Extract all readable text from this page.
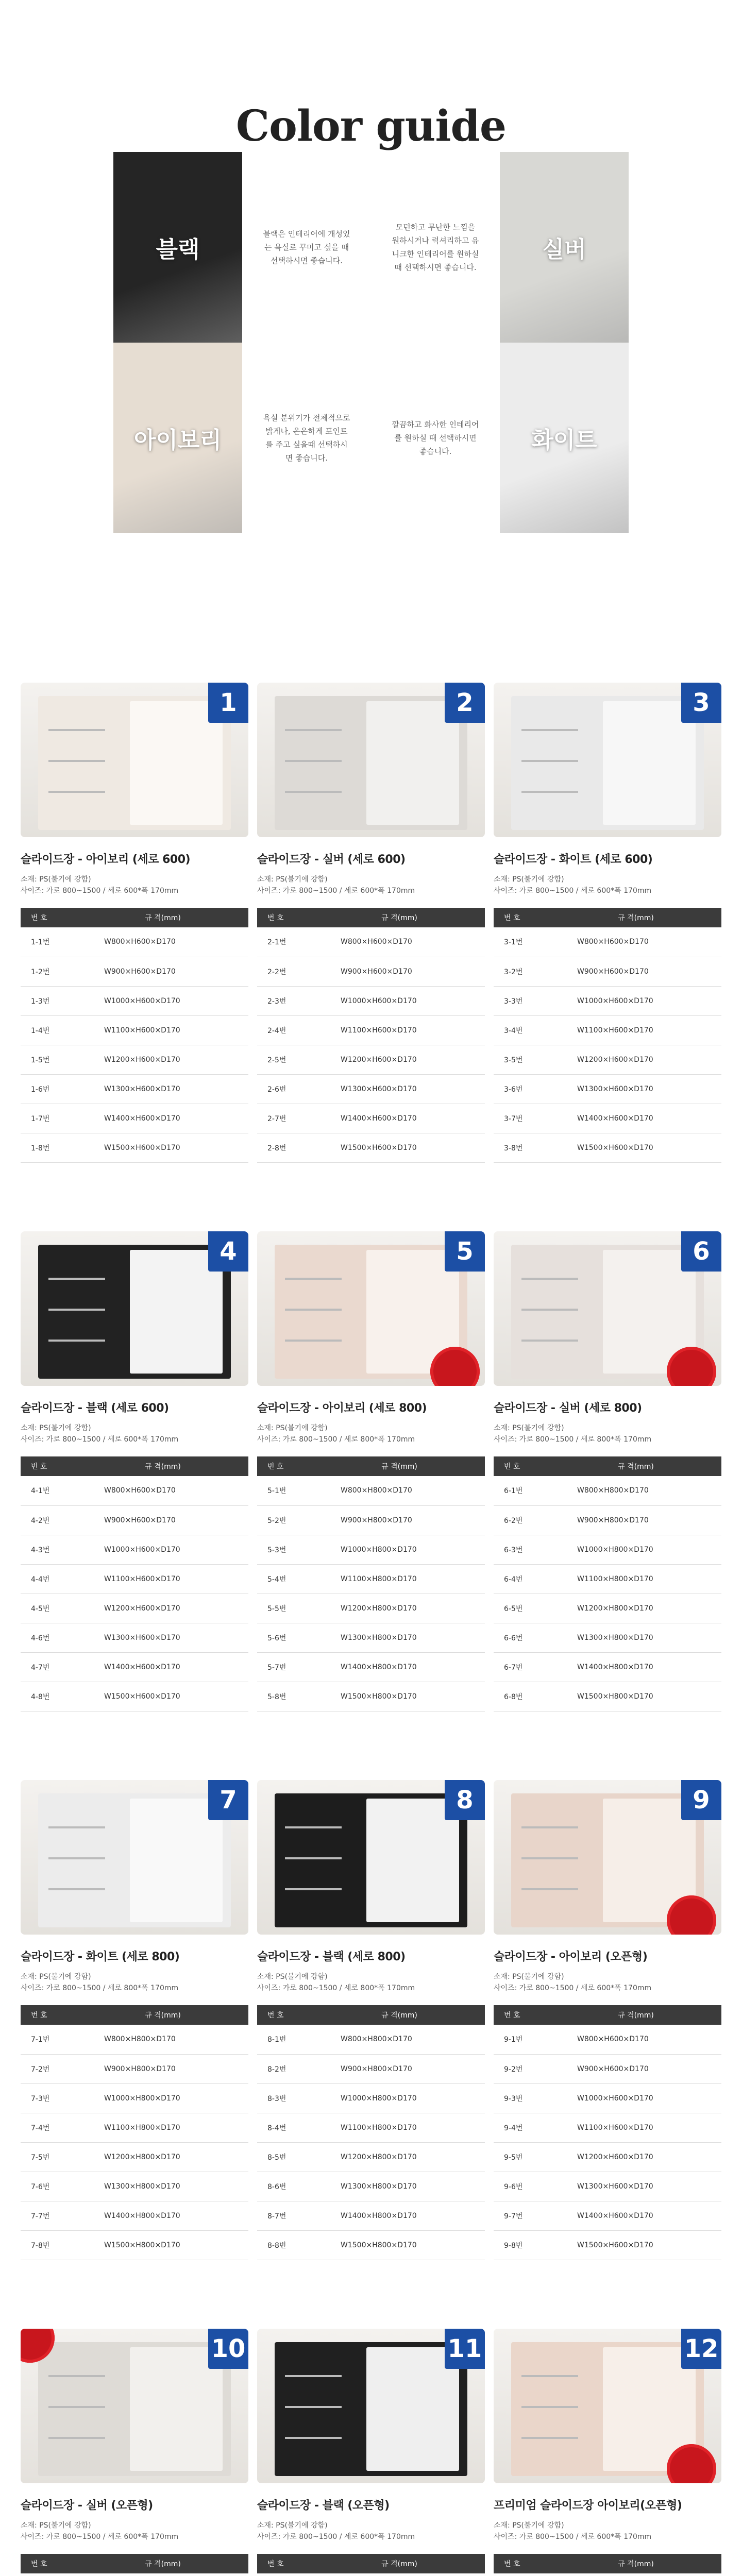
Color guide
블랙

블랙은 인테리어에 개성있는 욕실로 꾸미고 싶을 때 선택하시면 좋습니다.

모던하고 무난한 느낌을 원하시거나 럭셔리하고 유니크한 인테리어를 원하실 때 선택하시면 좋습니다.

실버
아이보리

욕실 분위기가 전체적으로 밝게나, 은은하게 포인트를 주고 싶을때 선택하시면 좋습니다.

깔끔하고 화사한 인테리어를 원하실 때 선택하시면 좋습니다.	화이트
1
슬라이드장 - 아이보리 (세로 600)
소재: PS(불기에 강함)
사이즈: 가로 800~1500 / 세로 600*폭 170mm
번 호	규 격(mm)
1-1번	W800×H600×D170
1-2번	W900×H600×D170
1-3번	W1000×H600×D170
1-4번	W1100×H600×D170
1-5번	W1200×H600×D170
1-6번	W1300×H600×D170
1-7번	W1400×H600×D170
1-8번	W1500×H600×D170
2
슬라이드장 - 실버 (세로 600)
소재: PS(불기에 강함)
사이즈: 가로 800~1500 / 세로 600*폭 170mm
번 호	규 격(mm)
2-1번	W800×H600×D170
2-2번	W900×H600×D170
2-3번	W1000×H600×D170
2-4번	W1100×H600×D170
2-5번	W1200×H600×D170
2-6번	W1300×H600×D170
2-7번	W1400×H600×D170
2-8번	W1500×H600×D170
3
슬라이드장 - 화이트 (세로 600)
소재: PS(불기에 강함)
사이즈: 가로 800~1500 / 세로 600*폭 170mm
번 호	규 격(mm)
3-1번	W800×H600×D170
3-2번	W900×H600×D170
3-3번	W1000×H600×D170
3-4번	W1100×H600×D170
3-5번	W1200×H600×D170
3-6번	W1300×H600×D170
3-7번	W1400×H600×D170
3-8번	W1500×H600×D170
4
슬라이드장 - 블랙 (세로 600)
소재: PS(불기에 강함)
사이즈: 가로 800~1500 / 세로 600*폭 170mm
번 호	규 격(mm)
4-1번	W800×H600×D170
4-2번	W900×H600×D170
4-3번	W1000×H600×D170
4-4번	W1100×H600×D170
4-5번	W1200×H600×D170
4-6번	W1300×H600×D170
4-7번	W1400×H600×D170
4-8번	W1500×H600×D170
5
슬라이드장 - 아이보리 (세로 800)
소재: PS(불기에 강함)
사이즈: 가로 800~1500 / 세로 800*폭 170mm
번 호	규 격(mm)
5-1번	W800×H800×D170
5-2번	W900×H800×D170
5-3번	W1000×H800×D170
5-4번	W1100×H800×D170
5-5번	W1200×H800×D170
5-6번	W1300×H800×D170
5-7번	W1400×H800×D170
5-8번	W1500×H800×D170
6
슬라이드장 - 실버 (세로 800)
소재: PS(불기에 강함)
사이즈: 가로 800~1500 / 세로 800*폭 170mm
번 호	규 격(mm)
6-1번	W800×H800×D170
6-2번	W900×H800×D170
6-3번	W1000×H800×D170
6-4번	W1100×H800×D170
6-5번	W1200×H800×D170
6-6번	W1300×H800×D170
6-7번	W1400×H800×D170
6-8번	W1500×H800×D170
7
슬라이드장 - 화이트 (세로 800)
소재: PS(불기에 강함)
사이즈: 가로 800~1500 / 세로 800*폭 170mm
번 호	규 격(mm)
7-1번	W800×H800×D170
7-2번	W900×H800×D170
7-3번	W1000×H800×D170
7-4번	W1100×H800×D170
7-5번	W1200×H800×D170
7-6번	W1300×H800×D170
7-7번	W1400×H800×D170
7-8번	W1500×H800×D170
8
슬라이드장 - 블랙 (세로 800)
소재: PS(불기에 강함)
사이즈: 가로 800~1500 / 세로 800*폭 170mm
번 호	규 격(mm)
8-1번	W800×H800×D170
8-2번	W900×H800×D170
8-3번	W1000×H800×D170
8-4번	W1100×H800×D170
8-5번	W1200×H800×D170
8-6번	W1300×H800×D170
8-7번	W1400×H800×D170
8-8번	W1500×H800×D170
9
슬라이드장 - 아이보리 (오픈형)
소재: PS(불기에 강함)
사이즈: 가로 800~1500 / 세로 600*폭 170mm
번 호	규 격(mm)
9-1번	W800×H600×D170
9-2번	W900×H600×D170
9-3번	W1000×H600×D170
9-4번	W1100×H600×D170
9-5번	W1200×H600×D170
9-6번	W1300×H600×D170
9-7번	W1400×H600×D170
9-8번	W1500×H600×D170
10
슬라이드장 - 실버 (오픈형)
소재: PS(불기에 강함)
사이즈: 가로 800~1500 / 세로 600*폭 170mm
번 호	규 격(mm)

11
슬라이드장 - 블랙 (오픈형)
소재: PS(불기에 강함)
사이즈: 가로 800~1500 / 세로 600*폭 170mm
번 호	규 격(mm)

12
프리미엄 슬라이드장 아이보리(오픈형)
소재: PS(불기에 강함)
사이즈: 가로 800~1500 / 세로 600*폭 170mm
번 호	규 격(mm)
